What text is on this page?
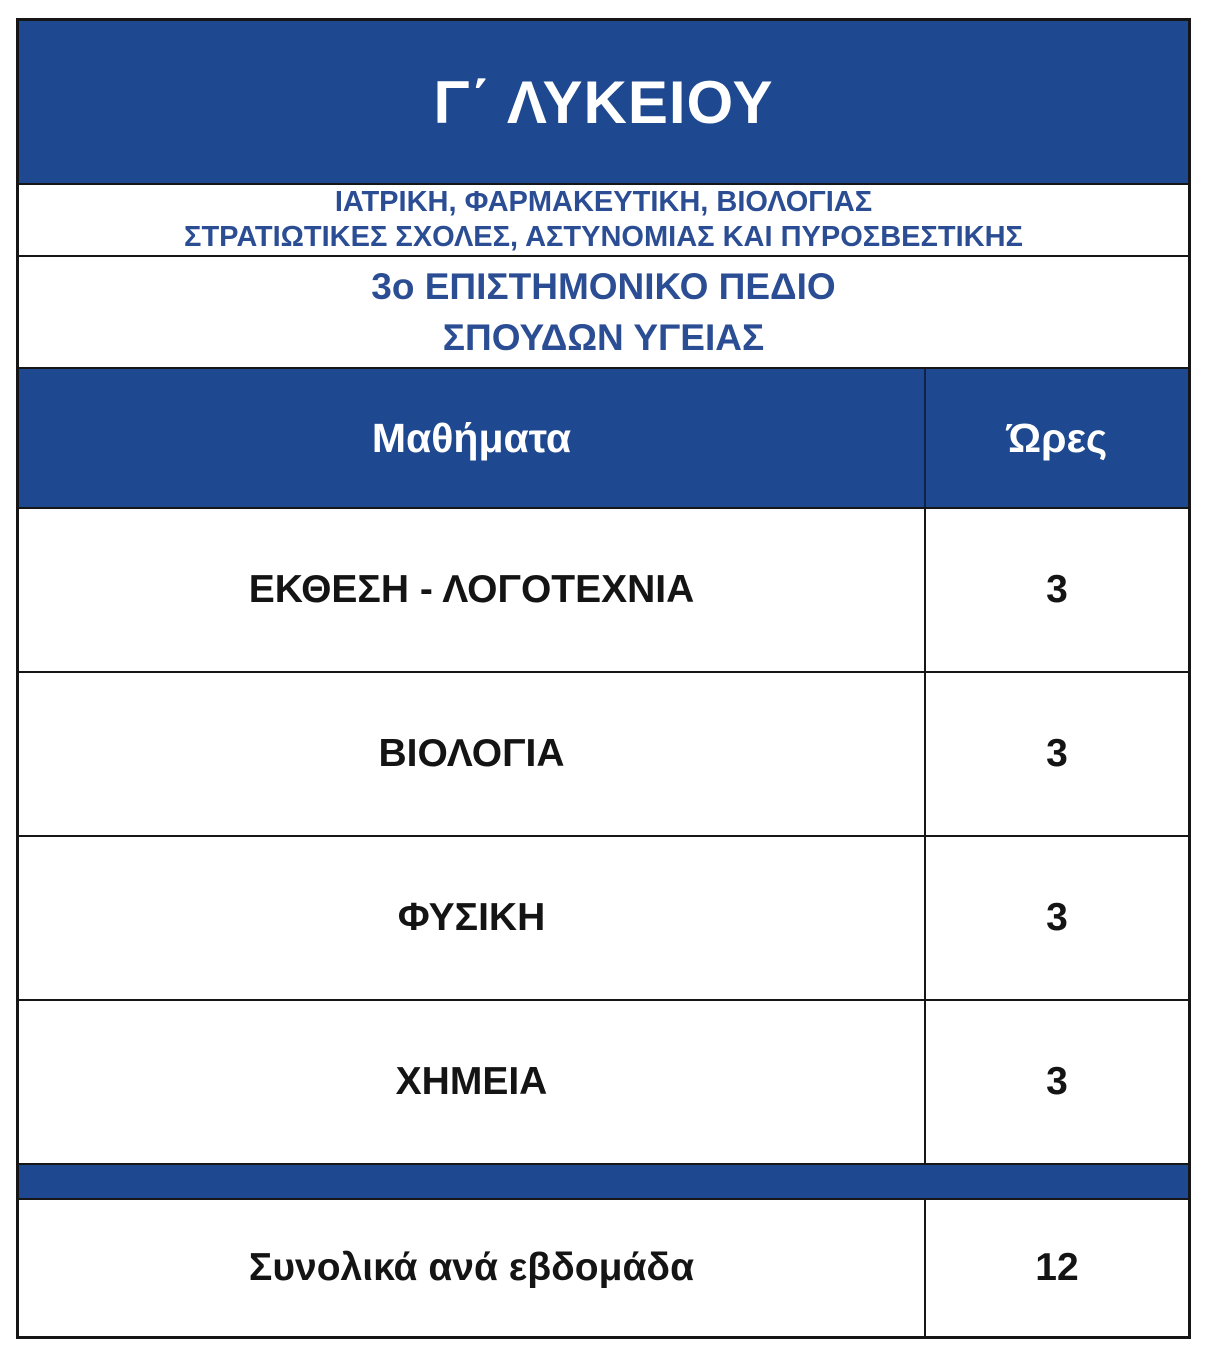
Γ΄ ΛΥΚΕΙΟΥ
ΙΑΤΡΙΚΗ, ΦΑΡΜΑΚΕΥΤΙΚΗ, ΒΙΟΛΟΓΙΑΣ
ΣΤΡΑΤΙΩΤΙΚΕΣ ΣΧΟΛΕΣ, ΑΣΤΥΝΟΜΙΑΣ ΚΑΙ ΠΥΡΟΣΒΕΣΤΙΚΗΣ
3ο ΕΠΙΣΤΗΜΟΝΙΚΟ ΠΕΔΙΟ
ΣΠΟΥΔΩΝ ΥΓΕΙΑΣ
Μαθήματα	Ώρες
ΕΚΘΕΣΗ - ΛΟΓΟΤΕΧΝΙΑ	3
ΒΙΟΛΟΓΙΑ	3
ΦΥΣΙΚΗ	3
ΧΗΜΕΙΑ	3
Συνολικά ανά εβδομάδα	12
